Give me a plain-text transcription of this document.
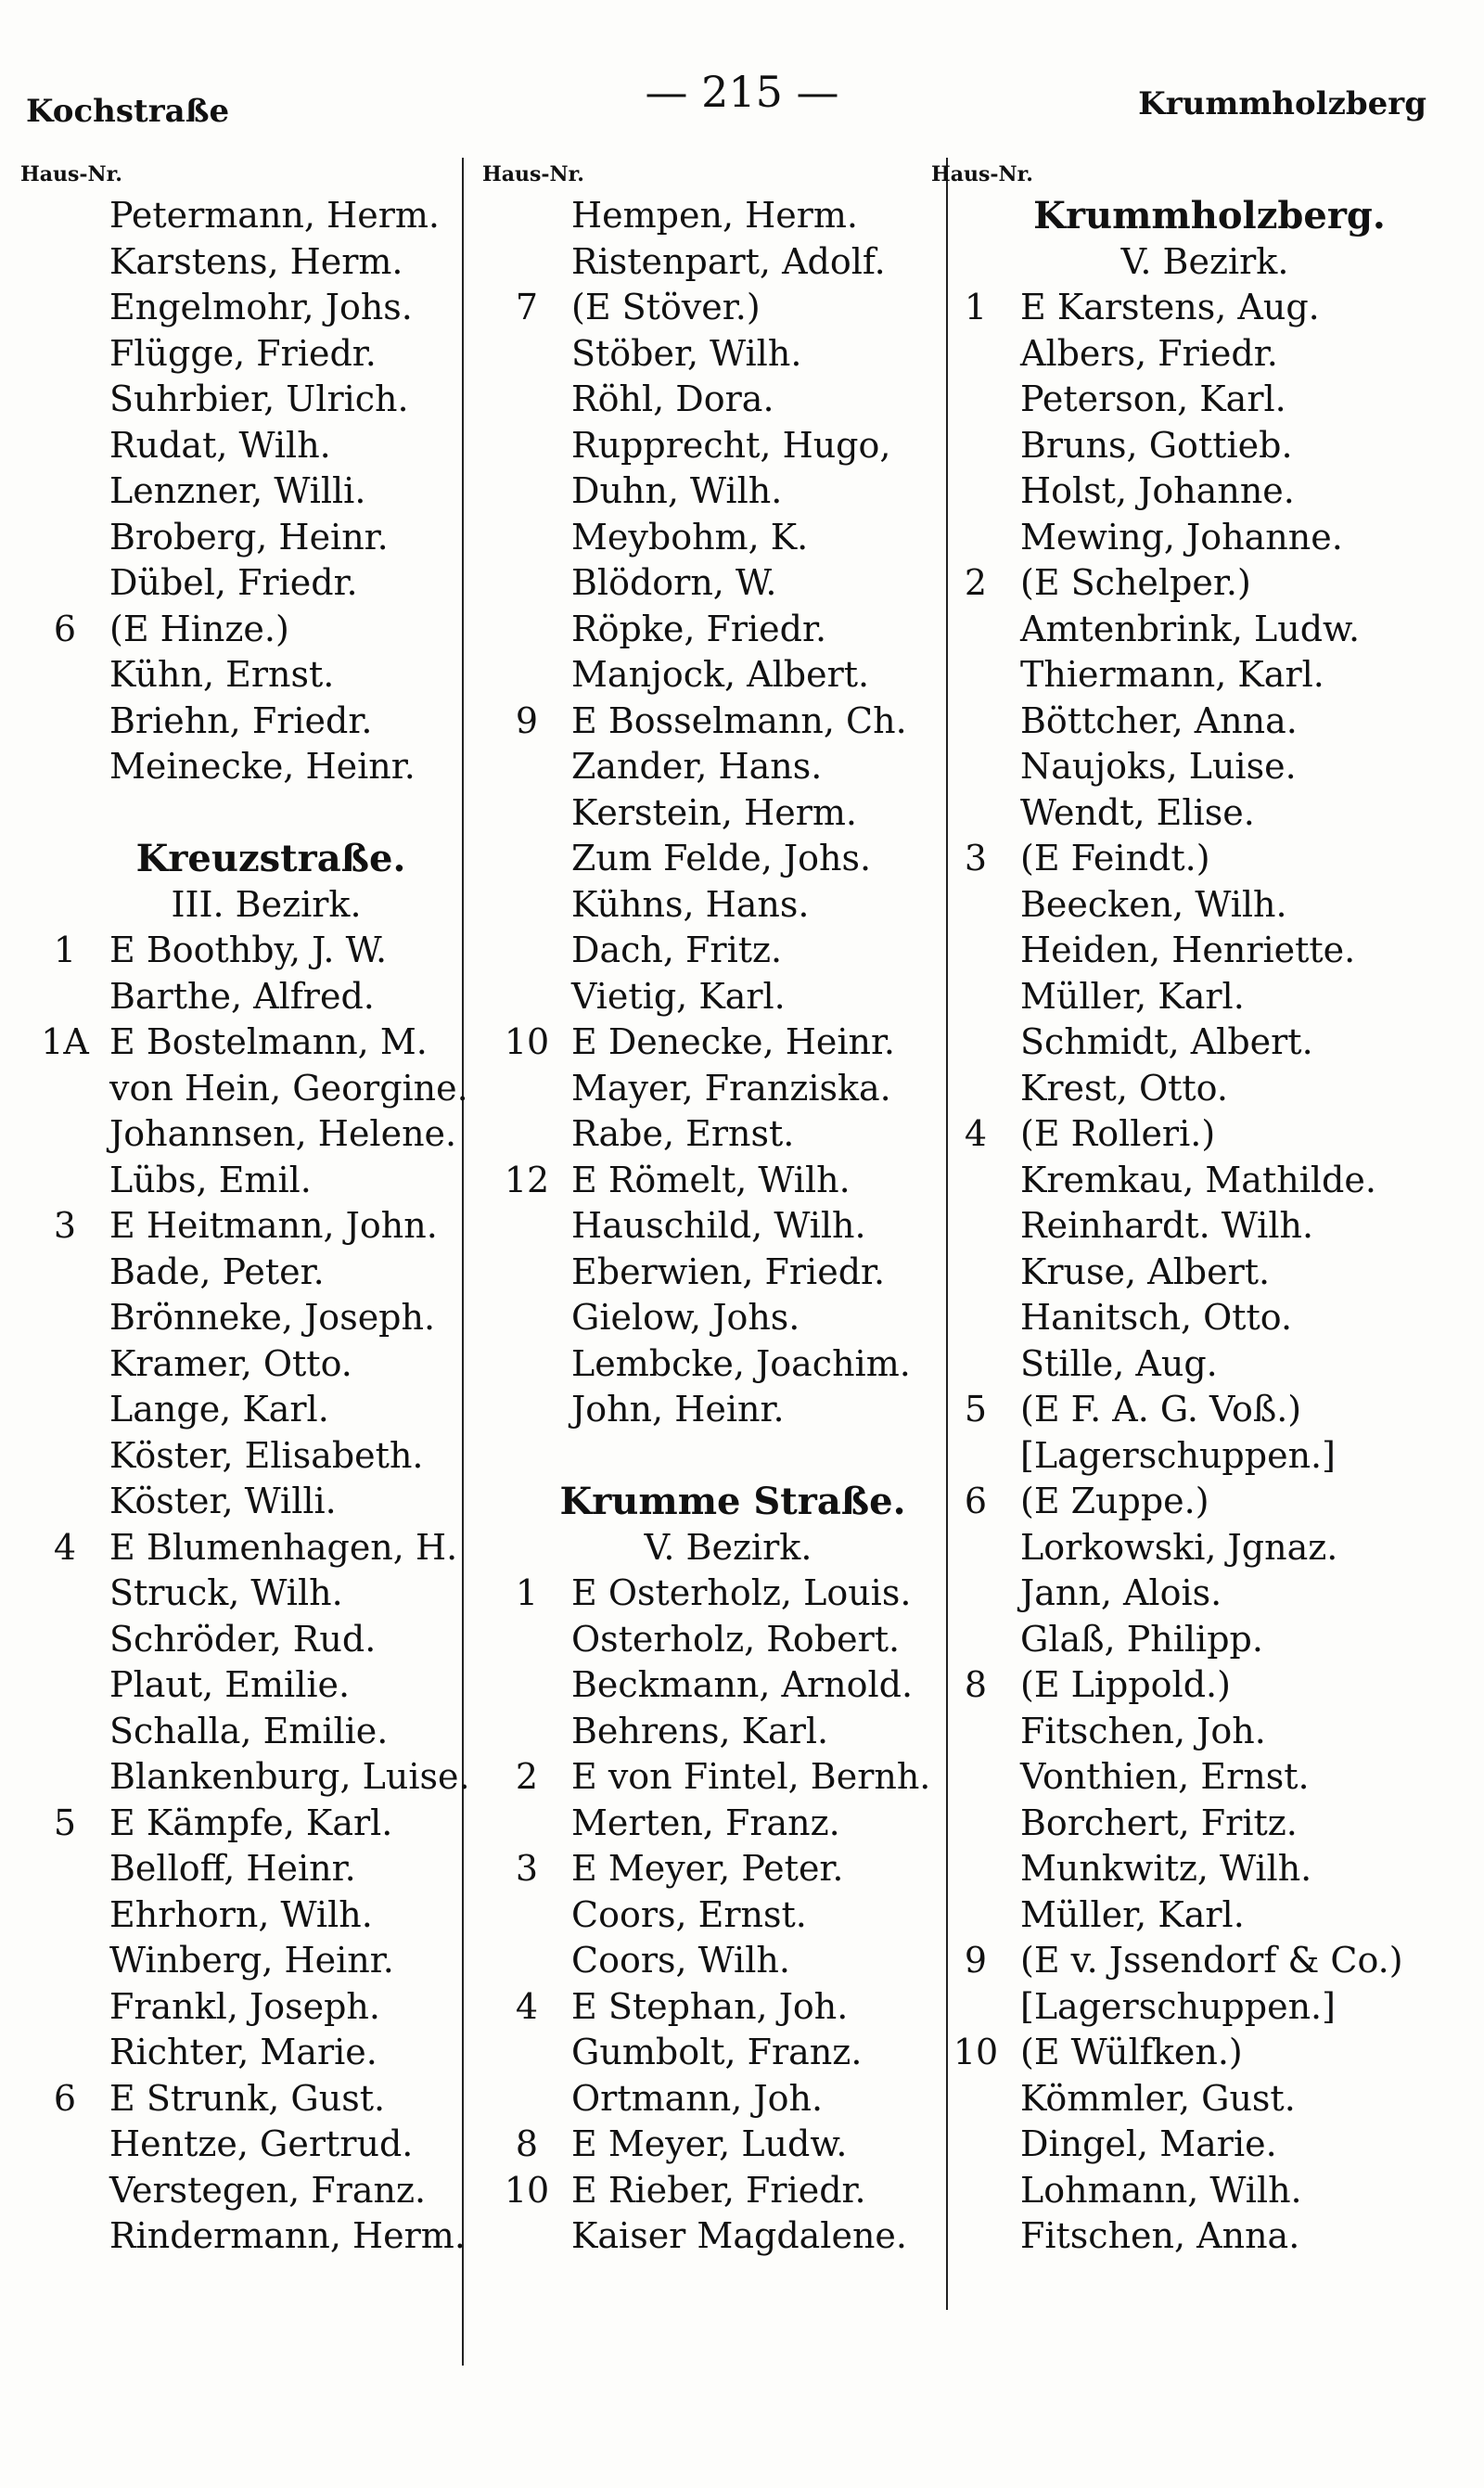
Kochstraße	— 215 —	Krummholzberg
Haus-Nr.
Petermann, Herm.
Karstens, Herm.
Engelmohr, Johs.
Flügge, Friedr.
Suhrbier, Ulrich.
Rudat, Wilh.
Lenzner, Willi.
Broberg, Heinr.
Dübel, Friedr.
6 (E Hinze.)
Kühn, Ernst.
Briehn, Friedr.
Meinecke, Heinr.
Kreuzstraße.
III. Bezirk.
1 E Boothby, J. W.
Barthe, Alfred.
1A E Bostelmann, M.
von Hein, Georgine.
Johannsen, Helene.
Lübs, Emil.
3 E Heitmann, John.
Bade, Peter.
Brönneke, Joseph.
Kramer, Otto.
Lange, Karl.
Köster, Elisabeth.
Köster, Willi.
4 E Blumenhagen, H.
Struck, Wilh.
Schröder, Rud.
Plaut, Emilie.
Schalla, Emilie.
Blankenburg, Luise.
5 E Kämpfe, Karl.
Belloff, Heinr.
Ehrhorn, Wilh.
Winberg, Heinr.
Frankl, Joseph.
Richter, Marie.
6 E Strunk, Gust.
Hentze, Gertrud.
Verstegen, Franz.
Rindermann, Herm.
Haus-Nr.
Hempen, Herm.
Ristenpart, Adolf.
7 (E Stöver.)
Stöber, Wilh.
Röhl, Dora.
Rupprecht, Hugo,
Duhn, Wilh.
Meybohm, K.
Blödorn, W.
Röpke, Friedr.
Manjock, Albert.
9 E Bosselmann, Ch.
Zander, Hans.
Kerstein, Herm.
Zum Felde, Johs.
Kühns, Hans.
Dach, Fritz.
Vietig, Karl.
10 E Denecke, Heinr.
Mayer, Franziska.
Rabe, Ernst.
12 E Römelt, Wilh.
Hauschild, Wilh.
Eberwien, Friedr.
Gielow, Johs.
Lembcke, Joachim.
John, Heinr.
Krumme Straße.
V. Bezirk.
1 E Osterholz, Louis.
Osterholz, Robert.
Beckmann, Arnold.
Behrens, Karl.
2 E von Fintel, Bernh.
Merten, Franz.
3 E Meyer, Peter.
Coors, Ernst.
Coors, Wilh.
4 E Stephan, Joh.
Gumbolt, Franz.
Ortmann, Joh.
8 E Meyer, Ludw.
10 E Rieber, Friedr.
Kaiser Magdalene.
Haus-Nr.
Krummholzberg.
V. Bezirk.
1 E Karstens, Aug.
Albers, Friedr.
Peterson, Karl.
Bruns, Gottieb.
Holst, Johanne.
Mewing, Johanne.
2 (E Schelper.)
Amtenbrink, Ludw.
Thiermann, Karl.
Böttcher, Anna.
Naujoks, Luise.
Wendt, Elise.
3 (E Feindt.)
Beecken, Wilh.
Heiden, Henriette.
Müller, Karl.
Schmidt, Albert.
Krest, Otto.
4 (E Rolleri.)
Kremkau, Mathilde.
Reinhardt. Wilh.
Kruse, Albert.
Hanitsch, Otto.
Stille, Aug.
5 (E F. A. G. Voß.)
[Lagerschuppen.]
6 (E Zuppe.)
Lorkowski, Jgnaz.
Jann, Alois.
Glaß, Philipp.
8 (E Lippold.)
Fitschen, Joh.
Vonthien, Ernst.
Borchert, Fritz.
Munkwitz, Wilh.
Müller, Karl.
9 (E v. Jssendorf & Co.)
[Lagerschuppen.]
10 (E Wülfken.)
Kömmler, Gust.
Dingel, Marie.
Lohmann, Wilh.
Fitschen, Anna.
